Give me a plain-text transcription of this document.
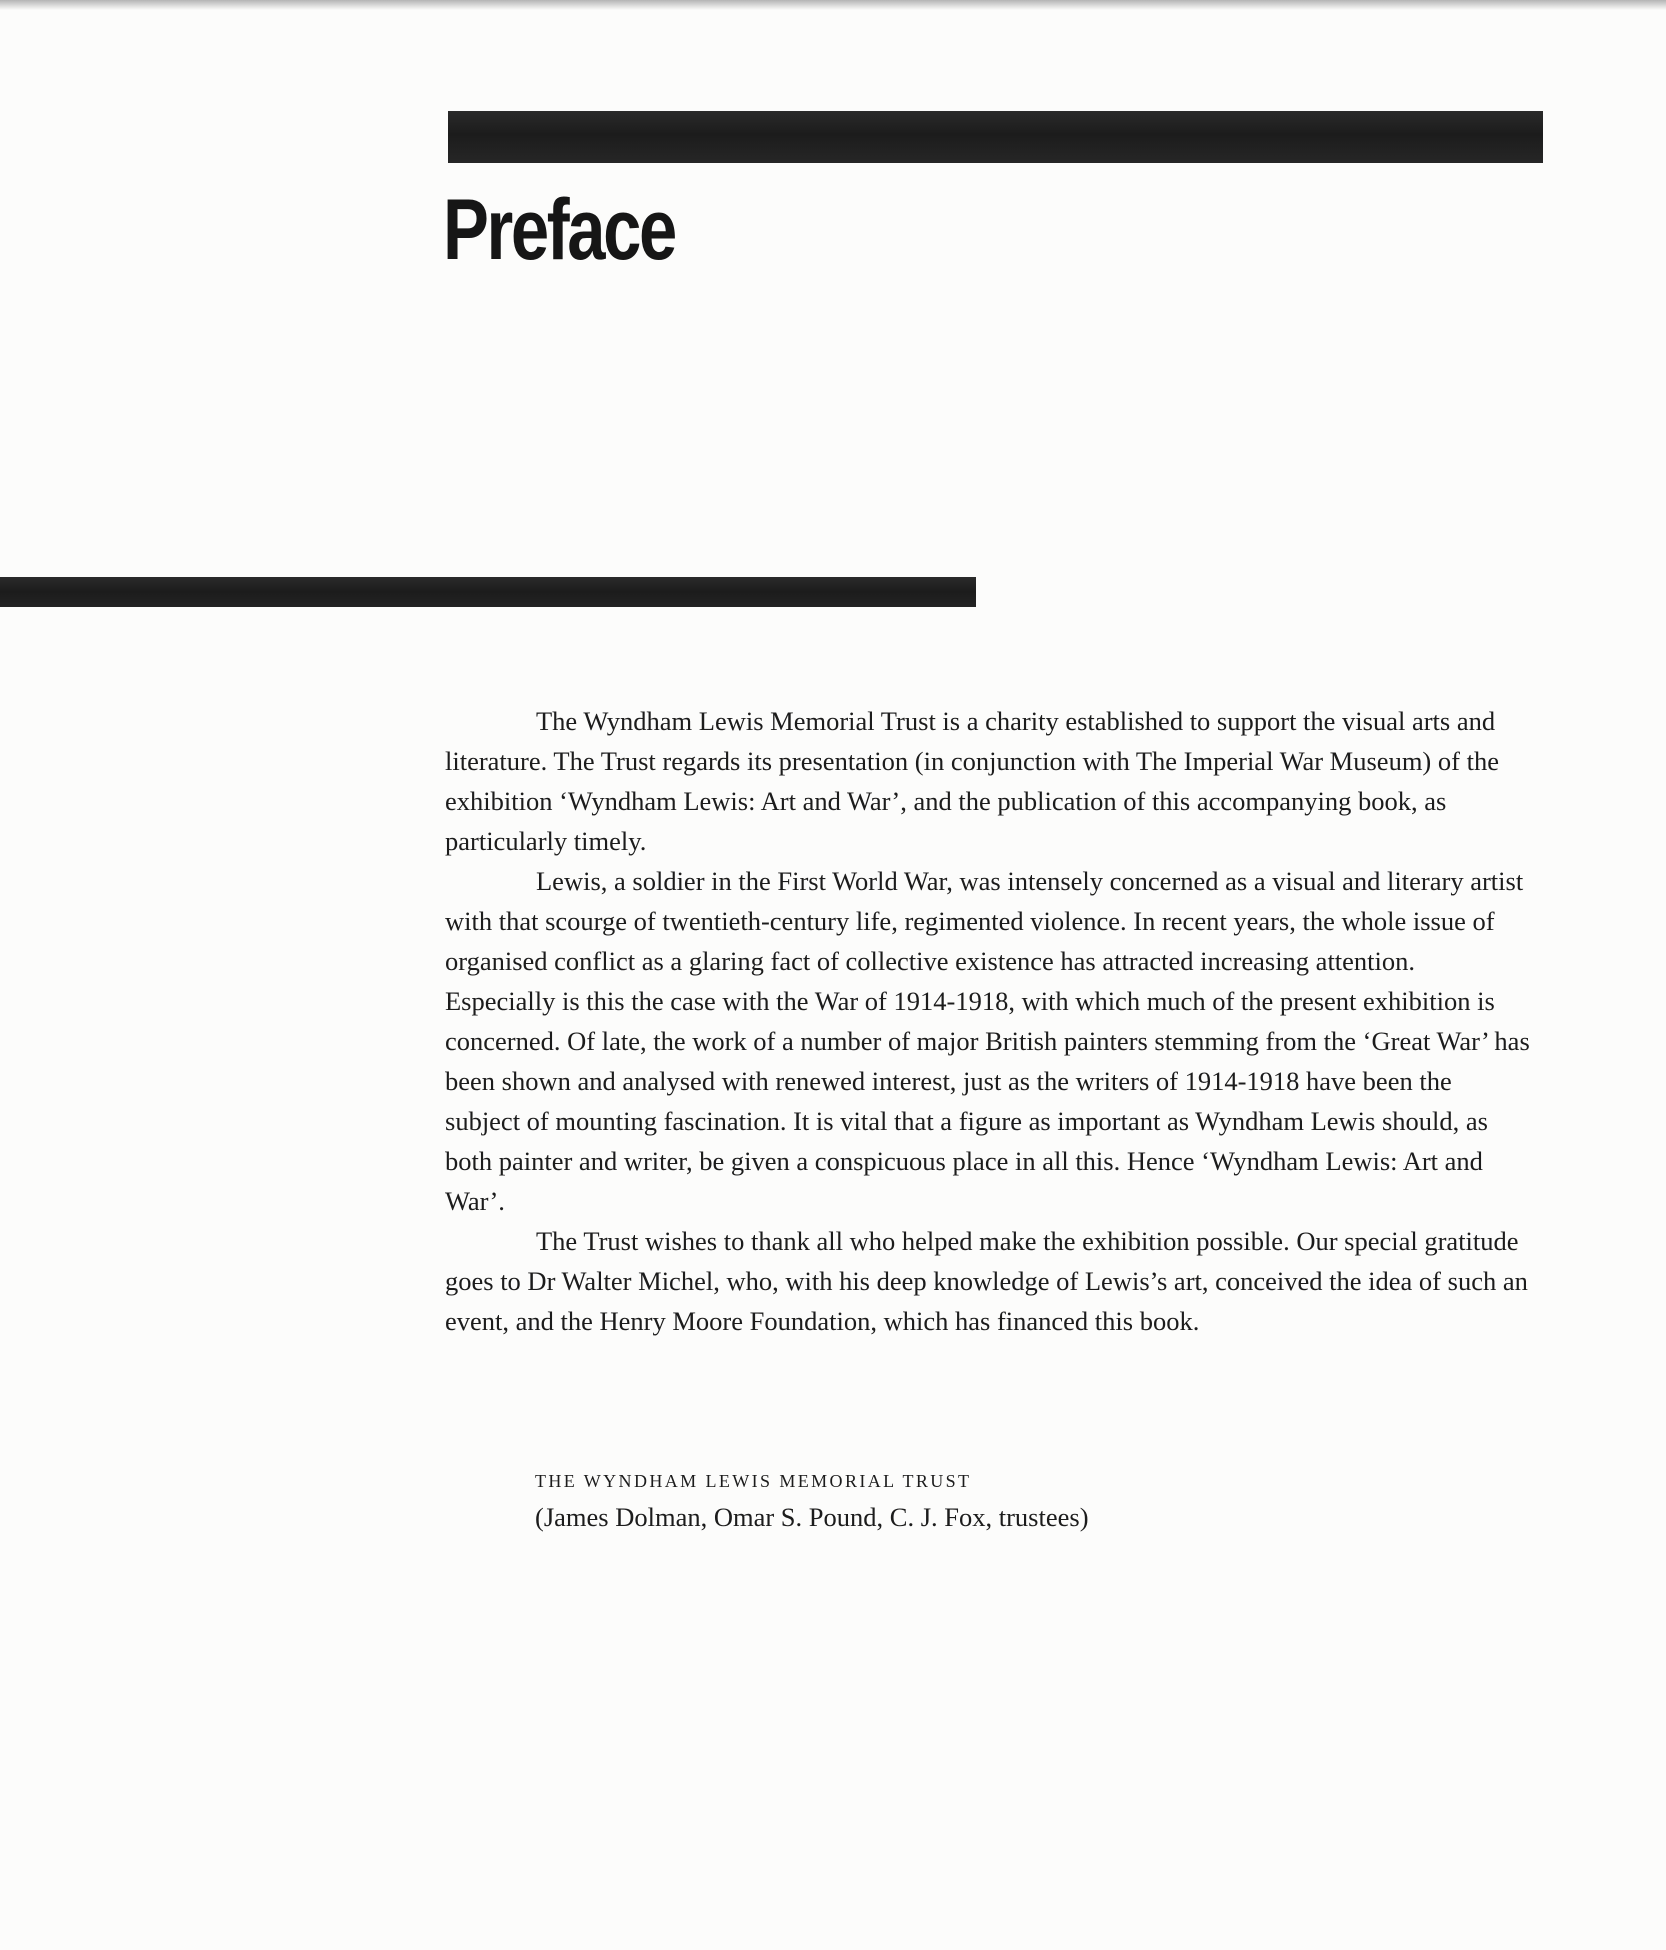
Preface

The Wyndham Lewis Memorial Trust is a charity established to support the visual arts and literature. The Trust regards its presentation (in conjunction with The Imperial War Museum) of the exhibition ‘Wyndham Lewis: Art and War’, and the publication of this accompanying book, as particularly timely.

Lewis, a soldier in the First World War, was intensely concerned as a visual and literary artist with that scourge of twentieth-century life, regimented violence. In recent years, the whole issue of organised conflict as a glaring fact of collective existence has attracted increasing attention. Especially is this the case with the War of 1914-1918, with which much of the present exhibition is concerned. Of late, the work of a number of major British painters stemming from the ‘Great War’ has been shown and analysed with renewed interest, just as the writers of 1914-1918 have been the subject of mounting fascination. It is vital that a figure as important as Wyndham Lewis should, as both painter and writer, be given a conspicuous place in all this. Hence ‘Wyndham Lewis: Art and War’.

The Trust wishes to thank all who helped make the exhibition possible. Our special gratitude goes to Dr Walter Michel, who, with his deep knowledge of Lewis’s art, conceived the idea of such an event, and the Henry Moore Foundation, which has financed this book.

THE WYNDHAM LEWIS MEMORIAL TRUST

(James Dolman, Omar S. Pound, C. J. Fox, trustees)
